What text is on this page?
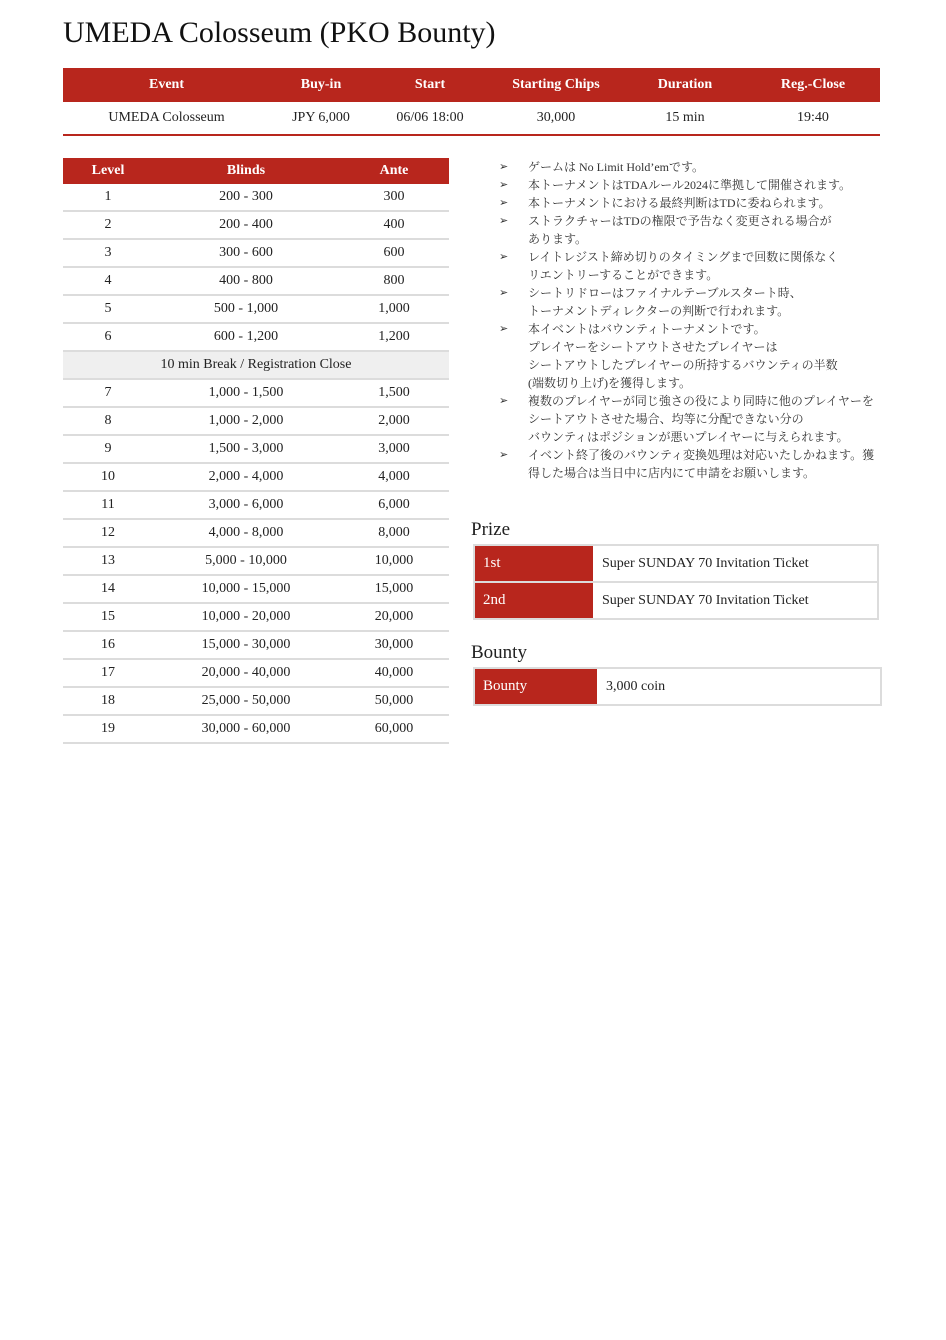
UMEDA Colosseum (PKO Bounty)
Event	Buy-in	Start	Starting Chips	Duration	Reg.-Close
UMEDA Colosseum	JPY 6,000	06/06 18:00	30,000	15 min	19:40
Level	Blinds	Ante
1	200 - 300	300
2	200 - 400	400
3	300 - 600	600
4	400 - 800	800
5	500 - 1,000	1,000
6	600 - 1,200	1,200
10 min Break / Registration Close
7	1,000 - 1,500	1,500
8	1,000 - 2,000	2,000
9	1,500 - 3,000	3,000
10	2,000 - 4,000	4,000
11	3,000 - 6,000	6,000
12	4,000 - 8,000	8,000
13	5,000 - 10,000	10,000
14	10,000 - 15,000	15,000
15	10,000 - 20,000	20,000
16	15,000 - 30,000	30,000
17	20,000 - 40,000	40,000
18	25,000 - 50,000	50,000
19	30,000 - 60,000	60,000
➢	ゲームは No Limit Hold’emです。
➢	本トーナメントはTDAルール2024に準拠して開催されます。
➢	本トーナメントにおける最終判断はTDに委ねられます。
➢	ストラクチャーはTDの権限で予告なく変更される場合が
あります。
➢	レイトレジスト締め切りのタイミングまで回数に関係なく
リエントリーすることができます。
➢	シートリドローはファイナルテーブルスタート時、
トーナメントディレクターの判断で行われます。
➢	本イベントはバウンティトーナメントです。
プレイヤーをシートアウトさせたプレイヤーは
シートアウトしたプレイヤーの所持するバウンティの半数
(端数切り上げ)を獲得します。
➢	複数のプレイヤーが同じ強さの役により同時に他のプレイヤーを
シートアウトさせた場合、均等に分配できない分の
バウンティはポジションが悪いプレイヤーに与えられます。
➢	イベント終了後のバウンティ変換処理は対応いたしかねます。獲
得した場合は当日中に店内にて申請をお願いします。
Prize
1st	Super SUNDAY 70 Invitation Ticket
2nd	Super SUNDAY 70 Invitation Ticket
Bounty
Bounty	3,000 coin
